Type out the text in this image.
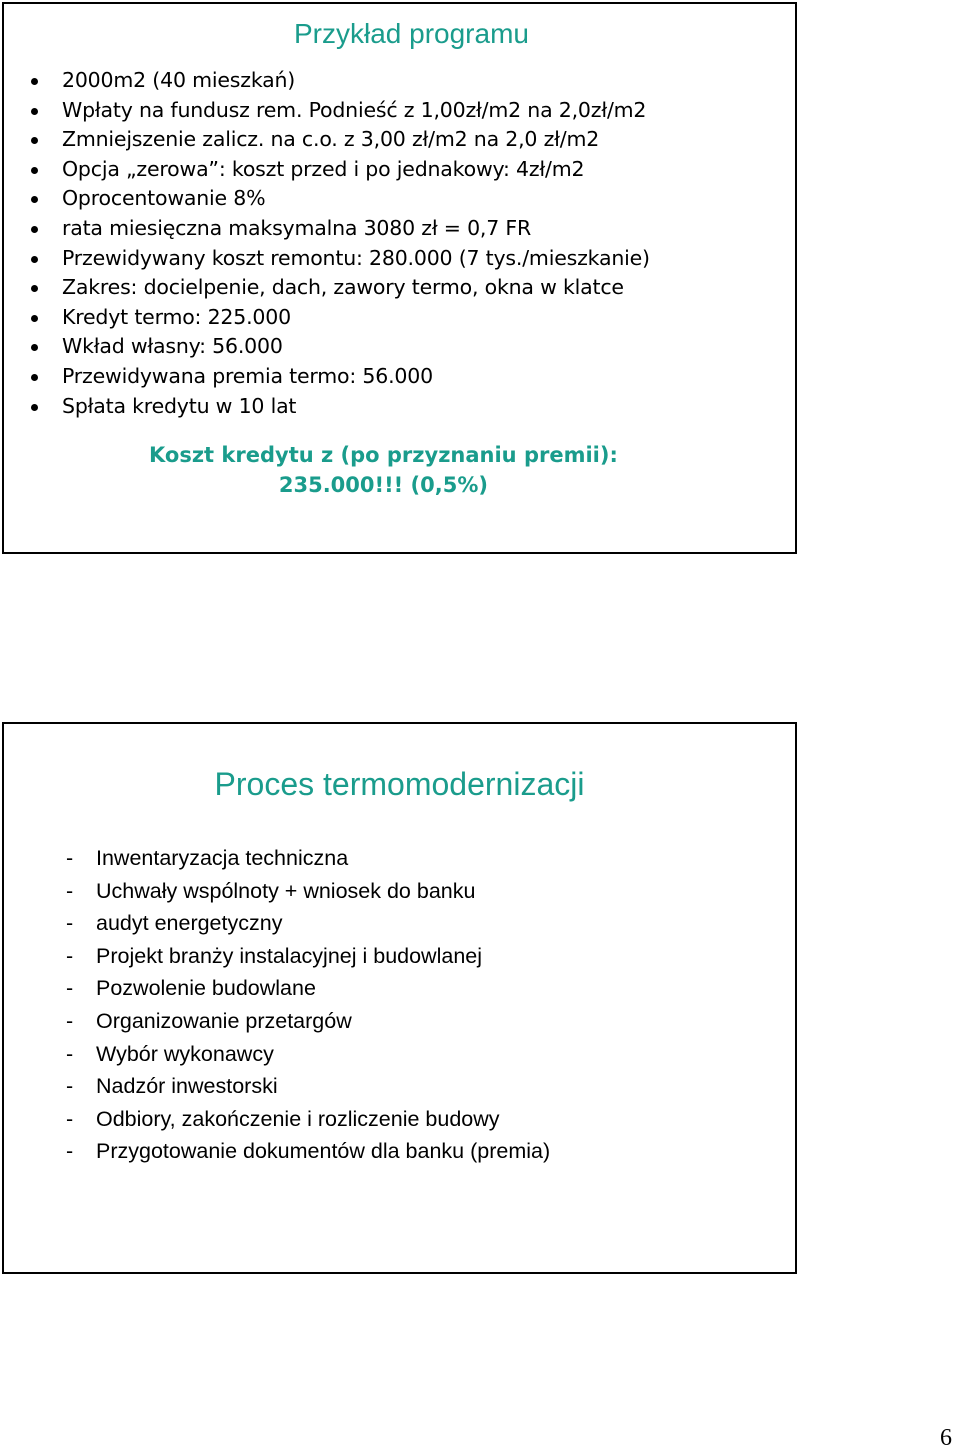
Przykład programu
2000m2 (40 mieszkań)
Wpłaty na fundusz rem. Podnieść z 1,00zł/m2 na 2,0zł/m2
Zmniejszenie zalicz. na c.o. z 3,00 zł/m2 na 2,0 zł/m2
Opcja „zerowa”: koszt przed i po jednakowy: 4zł/m2
Oprocentowanie 8%
rata miesięczna maksymalna 3080 zł = 0,7 FR
Przewidywany koszt remontu: 280.000 (7 tys./mieszkanie)
Zakres: docielpenie, dach, zawory termo, okna w klatce
Kredyt termo: 225.000
Wkład własny: 56.000
Przewidywana premia termo: 56.000
Spłata kredytu w 10 lat
Koszt kredytu z (po przyznaniu premii):
235.000!!! (0,5%)
Proces termomodernizacji
- Inwentaryzacja techniczna
- Uchwały wspólnoty + wniosek do banku
- audyt energetyczny
- Projekt branży instalacyjnej i budowlanej
- Pozwolenie budowlane
- Organizowanie przetargów
- Wybór wykonawcy
- Nadzór inwestorski
- Odbiory, zakończenie i rozliczenie budowy
- Przygotowanie dokumentów dla banku (premia)
6
